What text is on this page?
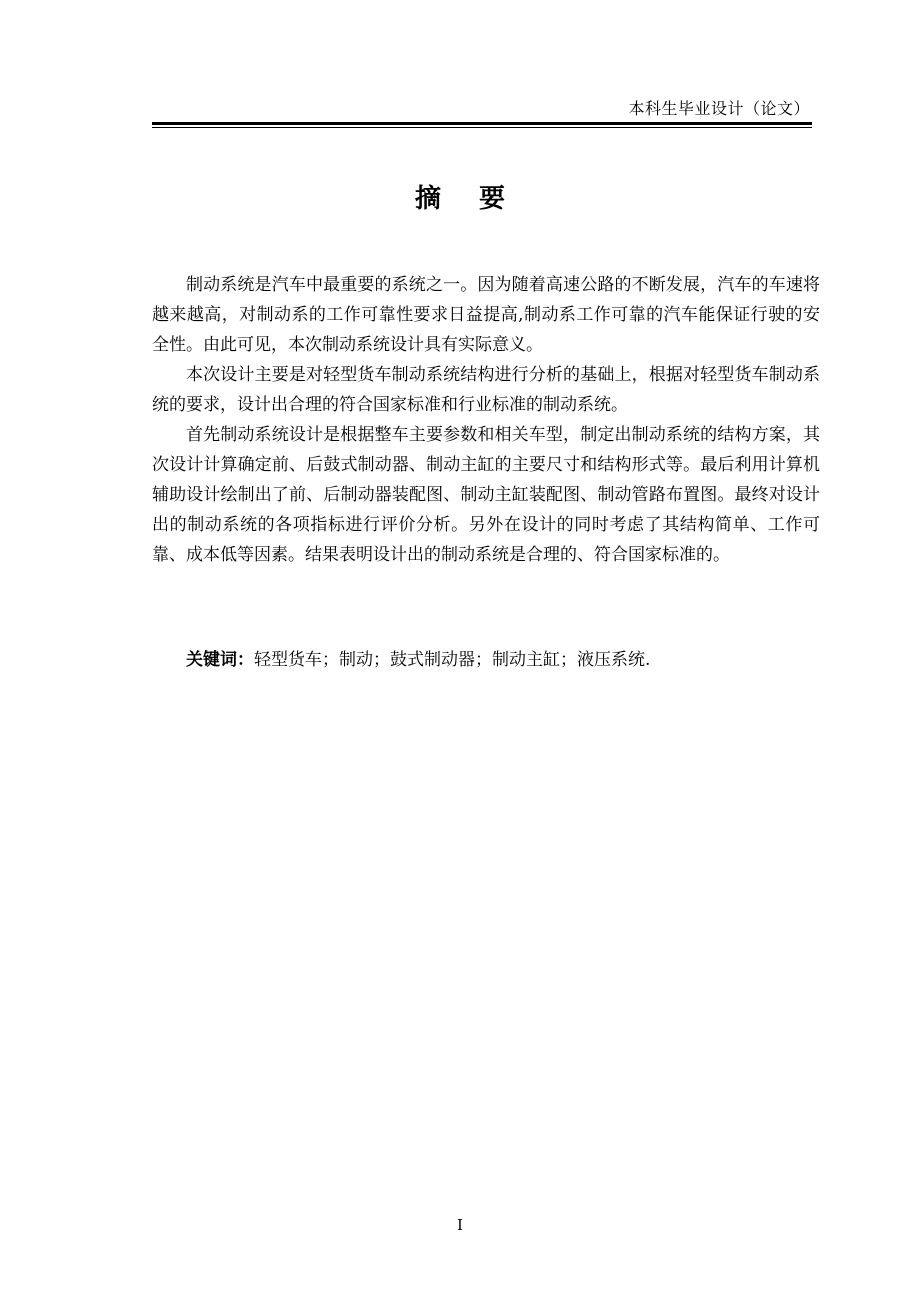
本科生毕业设计（论文）
摘要

制动系统是汽车中最重要的系统之一。因为随着高速公路的不断发展，汽车的车速将越来越高，对制动系的工作可靠性要求日益提高,制动系工作可靠的汽车能保证行驶的安全性。由此可见，本次制动系统设计具有实际意义。

本次设计主要是对轻型货车制动系统结构进行分析的基础上，根据对轻型货车制动系统的要求，设计出合理的符合国家标准和行业标准的制动系统。

首先制动系统设计是根据整车主要参数和相关车型，制定出制动系统的结构方案，其次设计计算确定前、后鼓式制动器、制动主缸的主要尺寸和结构形式等。最后利用计算机辅助设计绘制出了前、后制动器装配图、制动主缸装配图、制动管路布置图。最终对设计出的制动系统的各项指标进行评价分析。另外在设计的同时考虑了其结构简单、工作可靠、成本低等因素。结果表明设计出的制动系统是合理的、符合国家标准的。

关键词：轻型货车；制动；鼓式制动器；制动主缸；液压系统.
I
